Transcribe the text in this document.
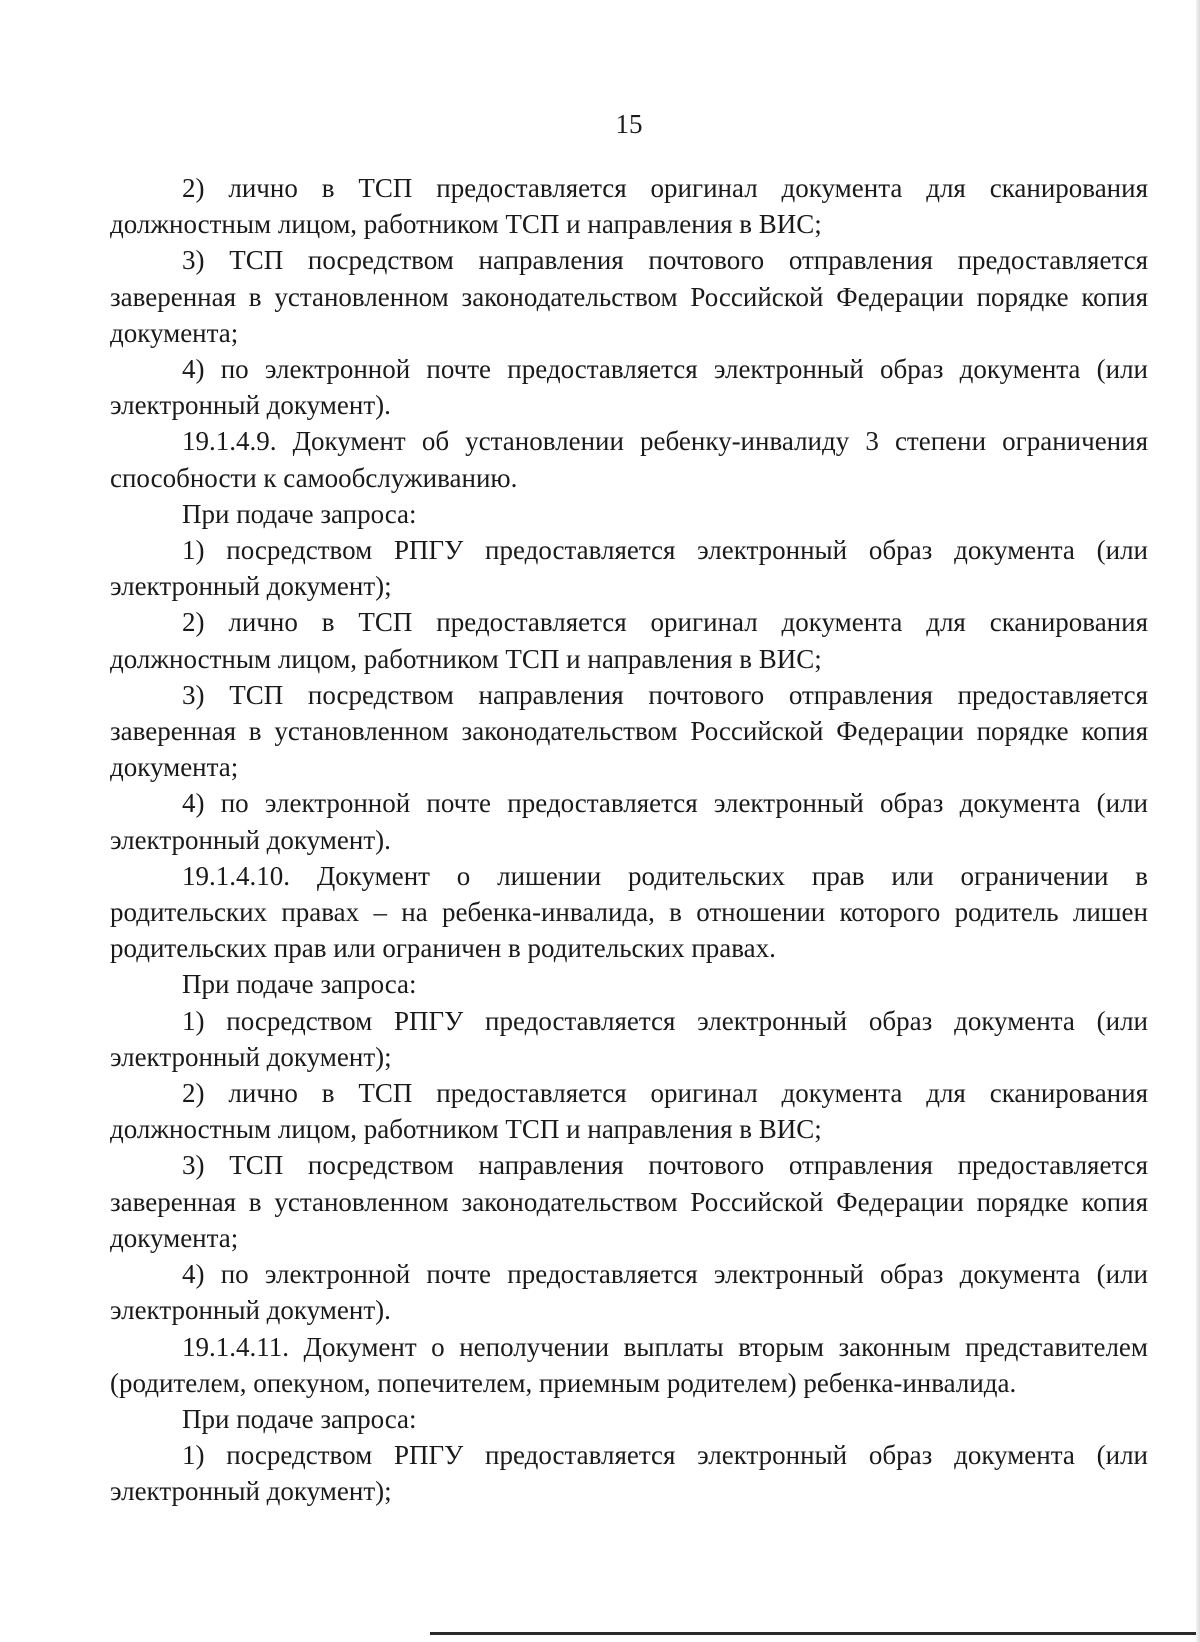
15

2) лично в ТСП предоставляется оригинал документа для сканирования должностным лицом, работником ТСП и направления в ВИС;

3) ТСП посредством направления почтового отправления предоставляется заверенная в установленном законодательством Российской Федерации порядке копия документа;

4) по электронной почте предоставляется электронный образ документа (или электронный документ).

19.1.4.9. Документ об установлении ребенку-инвалиду 3 степени ограничения способности к самообслуживанию.

При подаче запроса:

1) посредством РПГУ предоставляется электронный образ документа (или электронный документ);

2) лично в ТСП предоставляется оригинал документа для сканирования должностным лицом, работником ТСП и направления в ВИС;

3) ТСП посредством направления почтового отправления предоставляется заверенная в установленном законодательством Российской Федерации порядке копия документа;

4) по электронной почте предоставляется электронный образ документа (или электронный документ).

19.1.4.10. Документ о лишении родительских прав или ограничении в родительских правах – на ребенка-инвалида, в отношении которого родитель лишен родительских прав или ограничен в родительских правах.

При подаче запроса:

1) посредством РПГУ предоставляется электронный образ документа (или электронный документ);

2) лично в ТСП предоставляется оригинал документа для сканирования должностным лицом, работником ТСП и направления в ВИС;

3) ТСП посредством направления почтового отправления предоставляется заверенная в установленном законодательством Российской Федерации порядке копия документа;

4) по электронной почте предоставляется электронный образ документа (или электронный документ).

19.1.4.11. Документ о неполучении выплаты вторым законным представителем (родителем, опекуном, попечителем, приемным родителем) ребенка-инвалида.

При подаче запроса:

1) посредством РПГУ предоставляется электронный образ документа (или электронный документ);
